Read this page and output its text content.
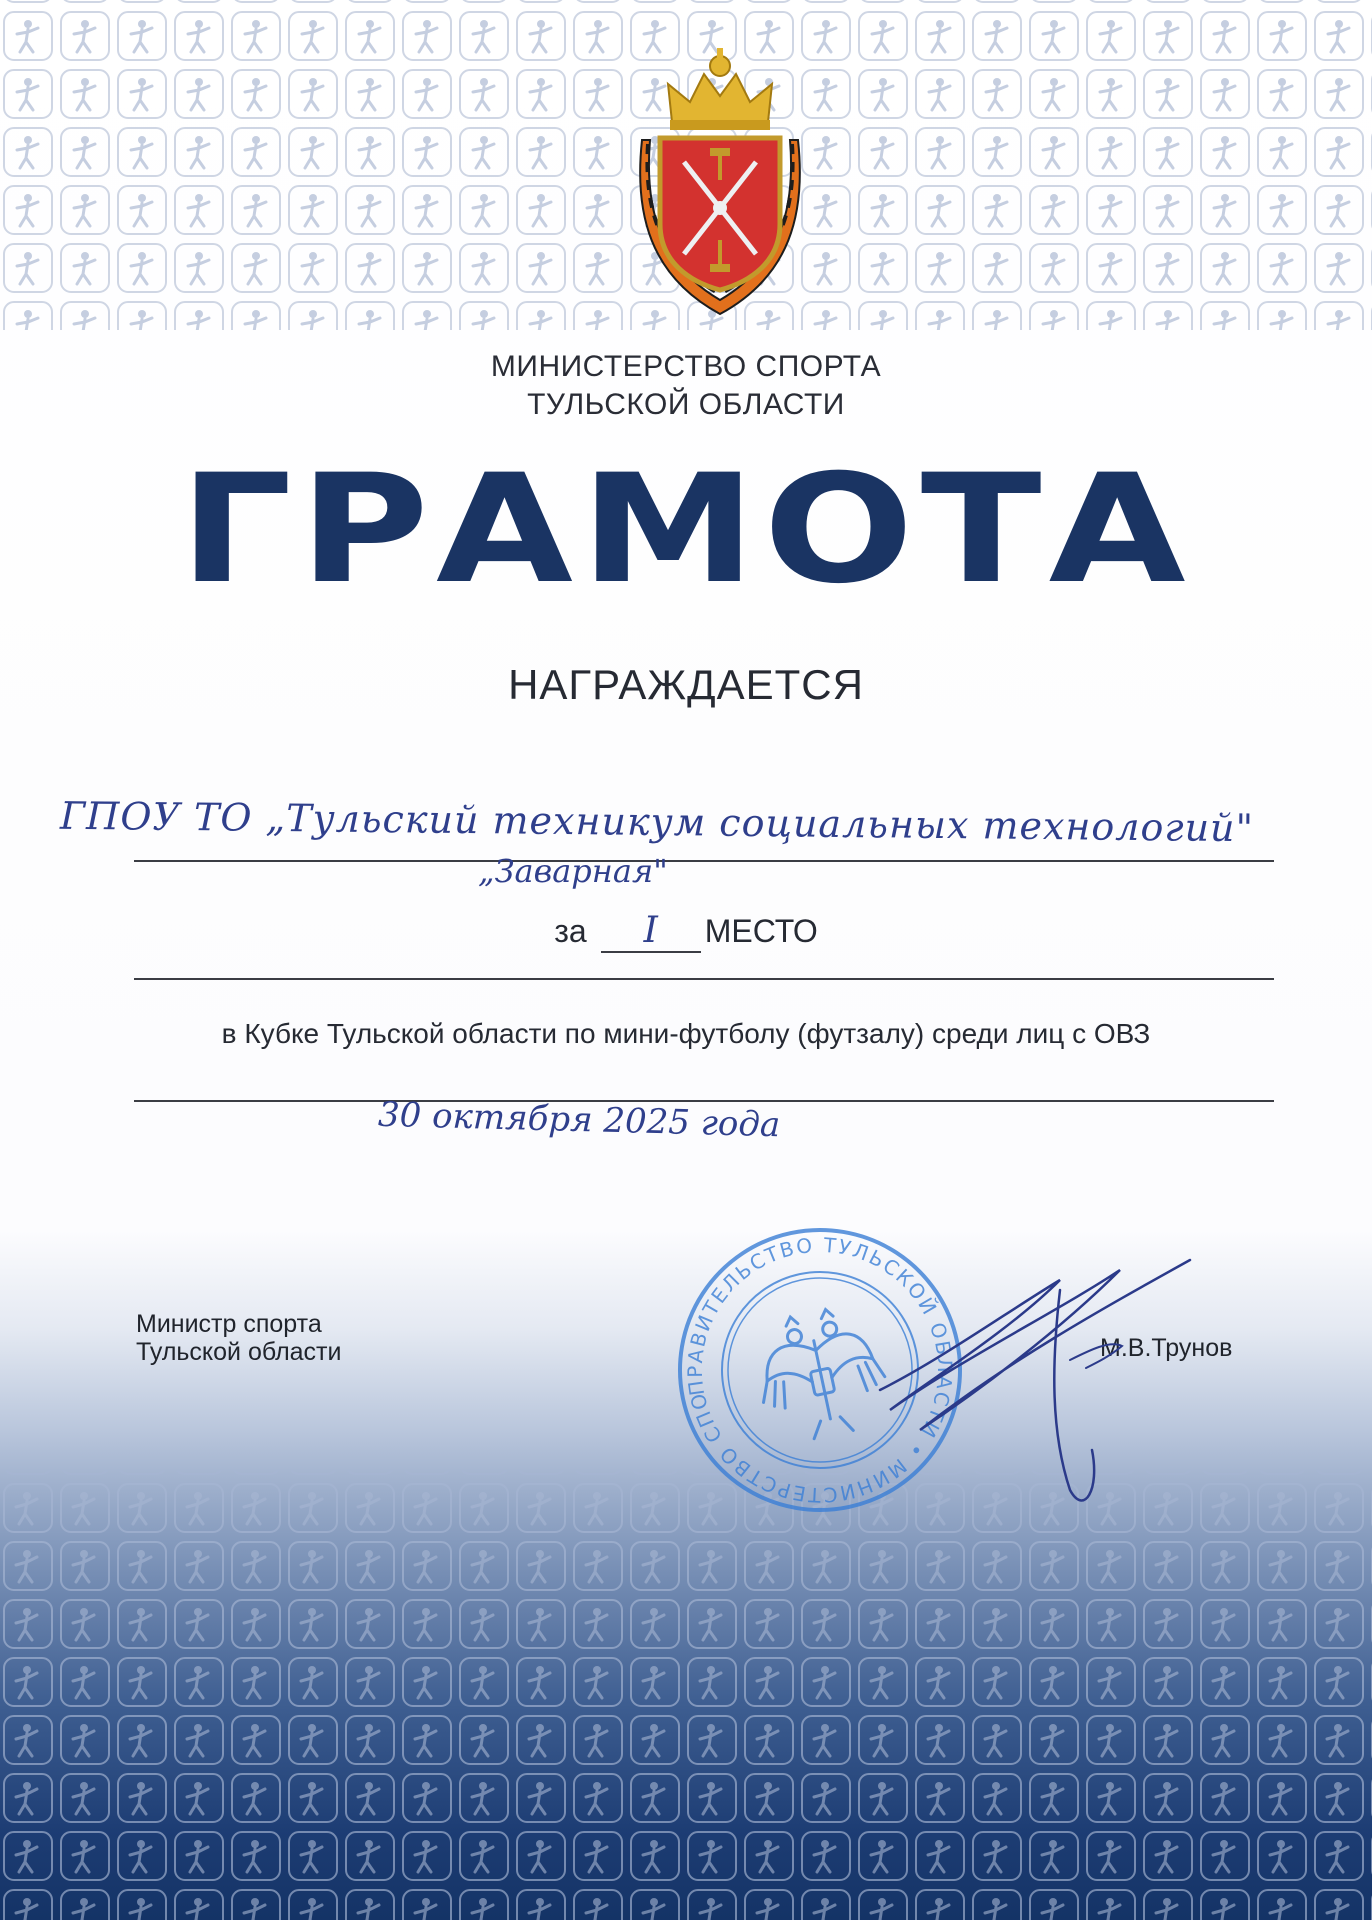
МИНИСТЕРСТВО СПОРТА
ТУЛЬСКОЙ ОБЛАСТИ
ГРАМОТА
НАГРАЖДАЕТСЯ
ГПОУ ТО „Тульский техникум социальных технологий"
„Заварная"
за I МЕСТО
в Кубке Тульской области по мини-футболу (футзалу) среди лиц с ОВЗ
30 октября 2025 года
Министр спорта
Тульской области	М.В.Трунов
ПРАВИТЕЛЬСТВО ТУЛЬСКОЙ ОБЛАСТИ • МИНИСТЕРСТВО СПОРТА
